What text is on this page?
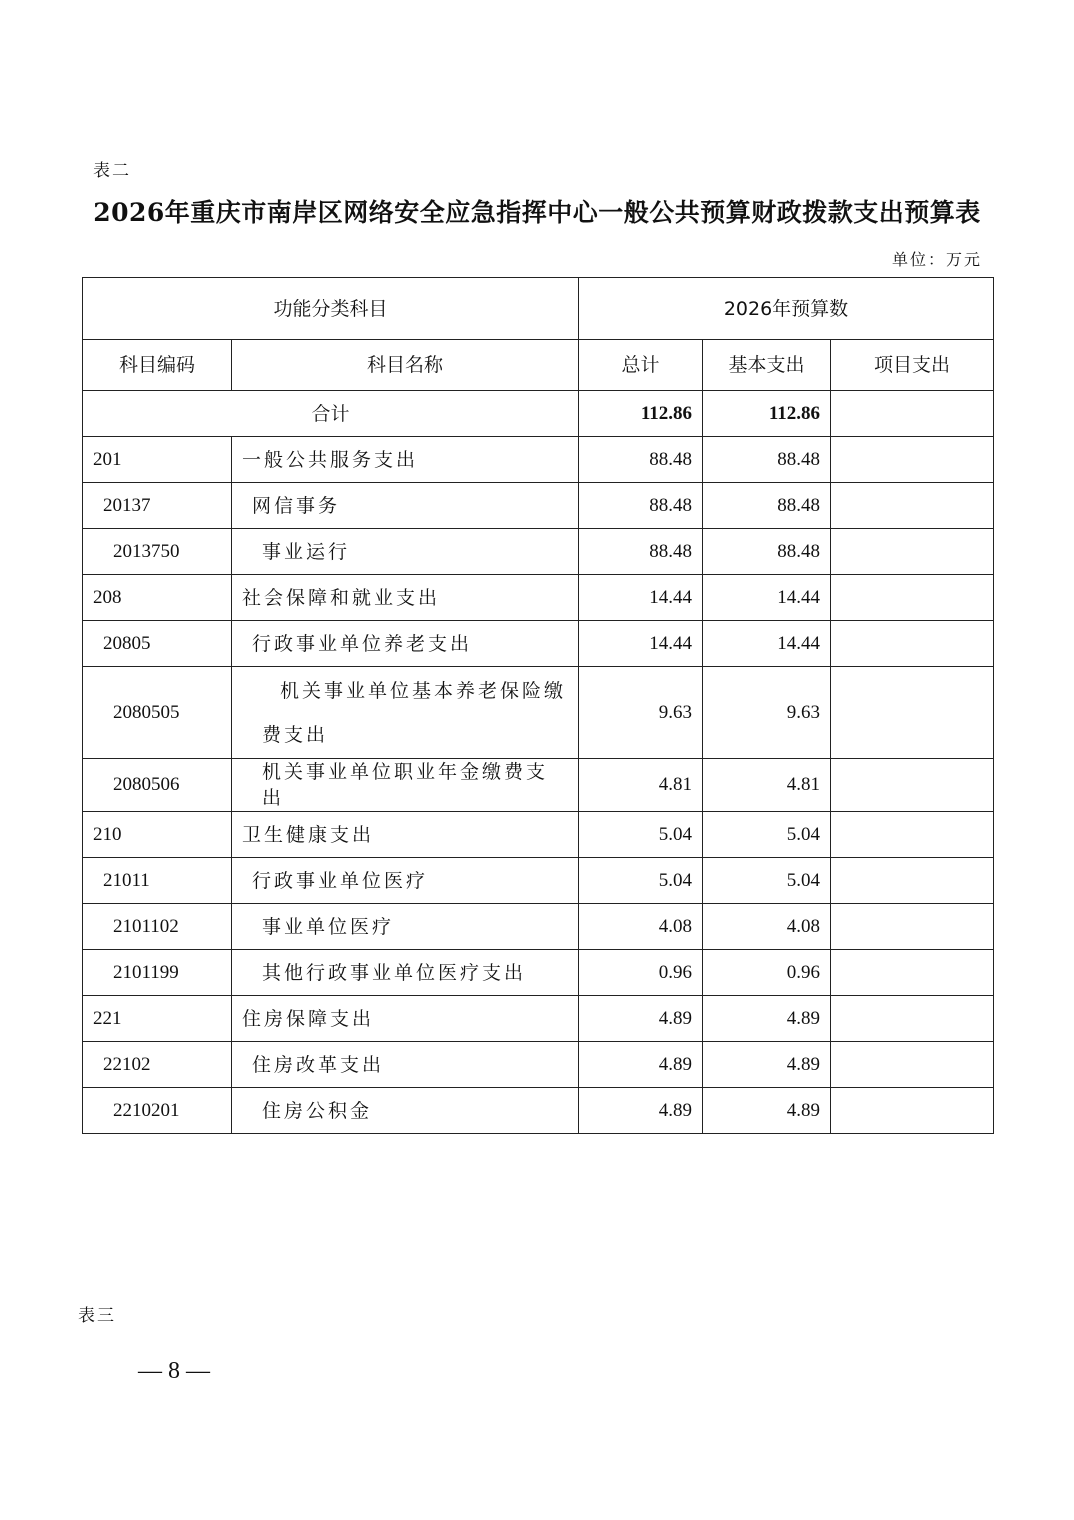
表二
2026年重庆市南岸区网络安全应急指挥中心一般公共预算财政拨款支出预算表
单位：万元
功能分类科目		2026年预算数		
科目编码	科目名称	总计	基本支出	项目支出
合计		112.86	112.86	
201	一般公共服务支出	88.48	88.48	
20137	网信事务	88.48	88.48	
2013750	事业运行	88.48	88.48	
208	社会保障和就业支出	14.44	14.44	
20805	行政事业单位养老支出	14.44	14.44	
2080505	机关事业单位基本养老保险缴费支出	9.63	9.63	
2080506	机关事业单位职业年金缴费支出	4.81	4.81	
210	卫生健康支出	5.04	5.04	
21011	行政事业单位医疗	5.04	5.04	
2101102	事业单位医疗	4.08	4.08	
2101199	其他行政事业单位医疗支出	0.96	0.96	
221	住房保障支出	4.89	4.89	
22102	住房改革支出	4.89	4.89	
2210201	住房公积金	4.89	4.89	
表三
— 8 —
